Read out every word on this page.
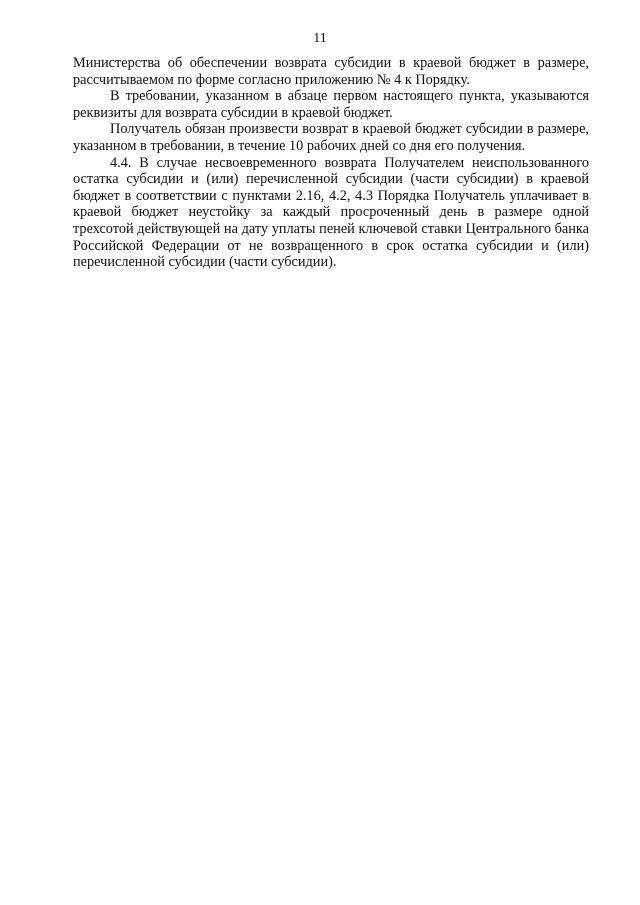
11

Министерства об обеспечении возврата субсидии в краевой бюджет в размере, рассчитываемом по форме согласно приложению № 4 к Порядку.

В требовании, указанном в абзаце первом настоящего пункта, указываются реквизиты для возврата субсидии в краевой бюджет.

Получатель обязан произвести возврат в краевой бюджет субсидии в размере, указанном в требовании, в течение 10 рабочих дней со дня его получения.

4.4. В случае несвоевременного возврата Получателем неиспользованного остатка субсидии и (или) перечисленной субсидии (части субсидии) в краевой бюджет в соответствии с пунктами 2.16, 4.2, 4.3 Порядка Получатель уплачивает в краевой бюджет неустойку за каждый просроченный день в размере одной трехсотой действующей на дату уплаты пеней ключевой ставки Центрального банка Российской Федерации от не возвращенного в срок остатка субсидии и (или) перечисленной субсидии (части субсидии).
